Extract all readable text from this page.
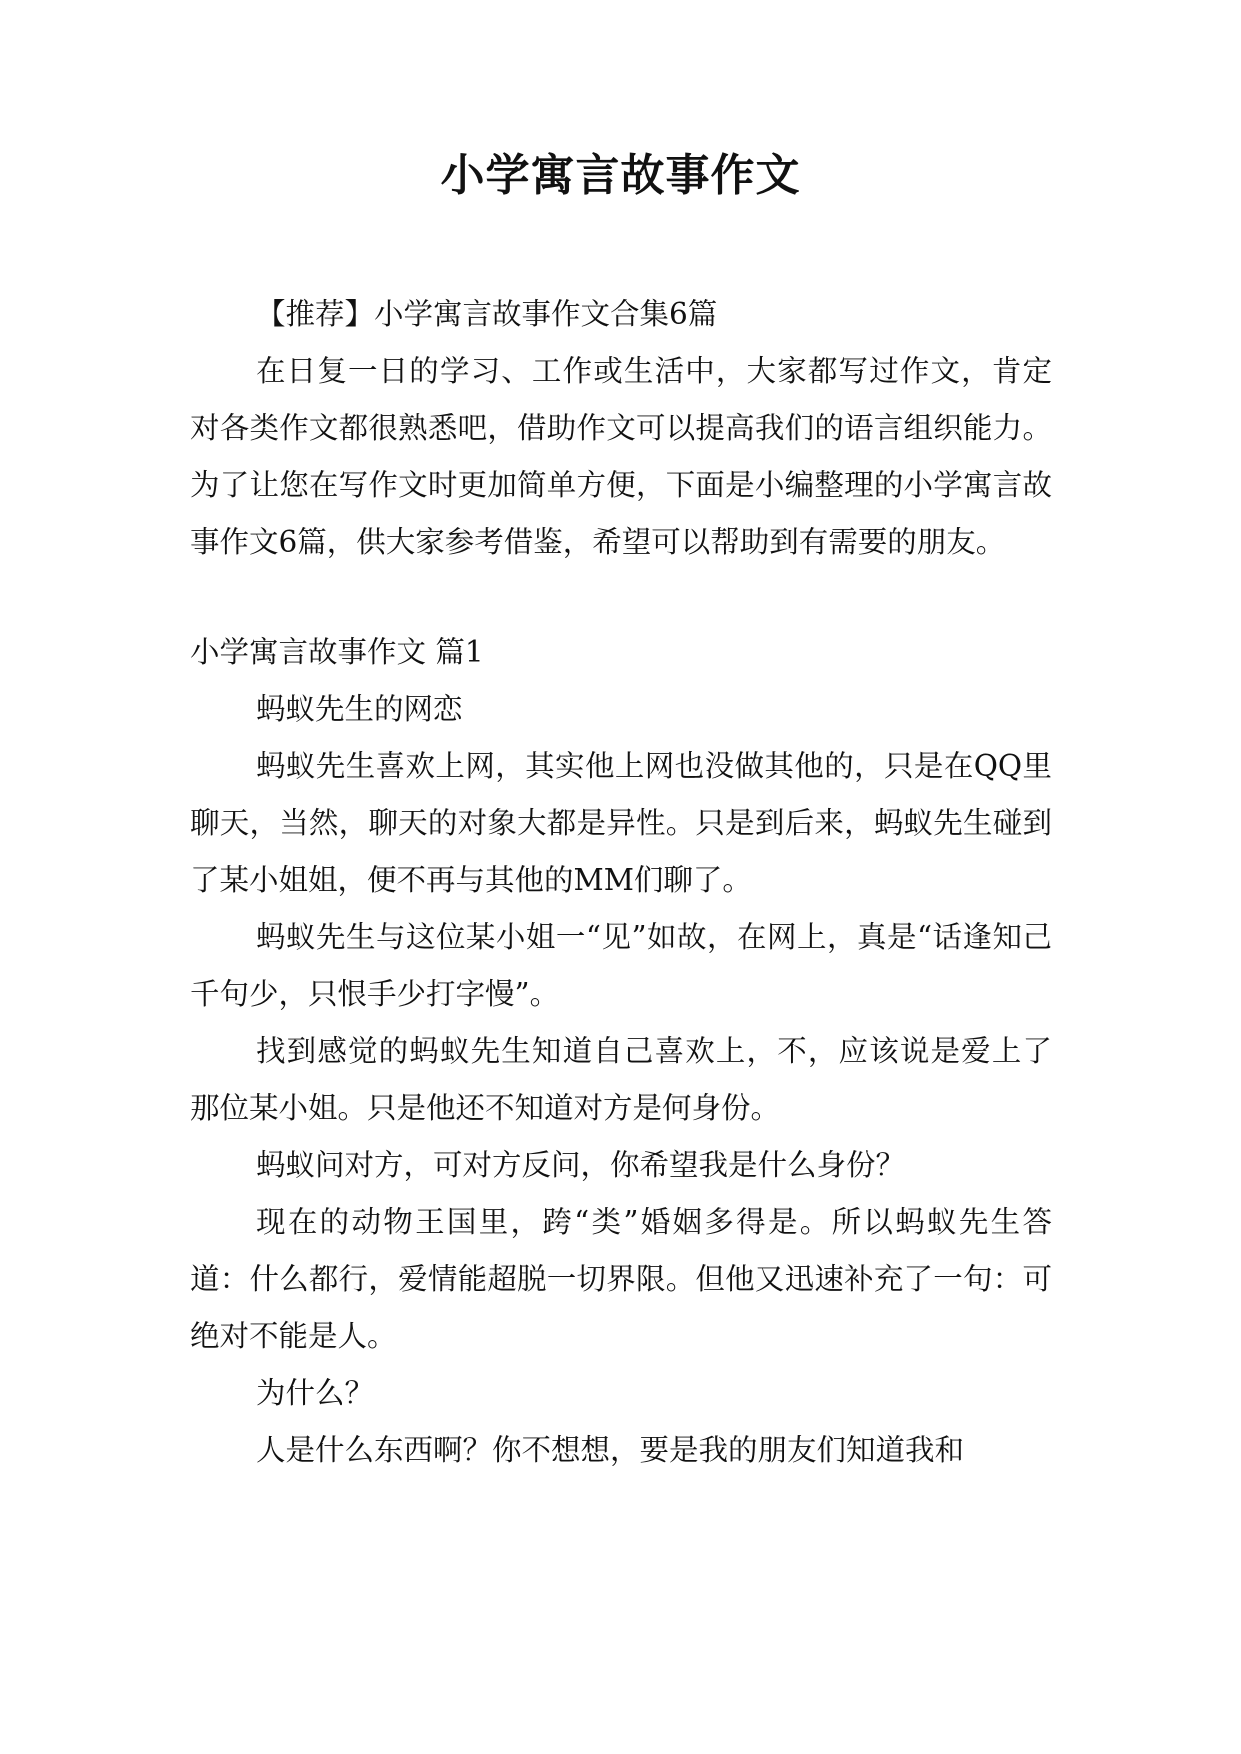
小学寓言故事作文

【推荐】小学寓言故事作文合集6篇

在日复一日的学习、工作或生活中，大家都写过作文，肯定对各类作文都很熟悉吧，借助作文可以提高我们的语言组织能力。为了让您在写作文时更加简单方便，下面是小编整理的小学寓言故事作文6篇，供大家参考借鉴，希望可以帮助到有需要的朋友。

小学寓言故事作文 篇1

蚂蚁先生的网恋

蚂蚁先生喜欢上网，其实他上网也没做其他的，只是在QQ里聊天，当然，聊天的对象大都是异性。只是到后来，蚂蚁先生碰到了某小姐姐，便不再与其他的MM们聊了。

蚂蚁先生与这位某小姐一“见”如故，在网上，真是“话逢知己千句少，只恨手少打字慢”。

找到感觉的蚂蚁先生知道自己喜欢上，不，应该说是爱上了那位某小姐。只是他还不知道对方是何身份。

蚂蚁问对方，可对方反问，你希望我是什么身份？

现在的动物王国里，跨“类”婚姻多得是。所以蚂蚁先生答道：什么都行，爱情能超脱一切界限。但他又迅速补充了一句：可绝对不能是人。

为什么？

人是什么东西啊？你不想想，要是我的朋友们知道我和
